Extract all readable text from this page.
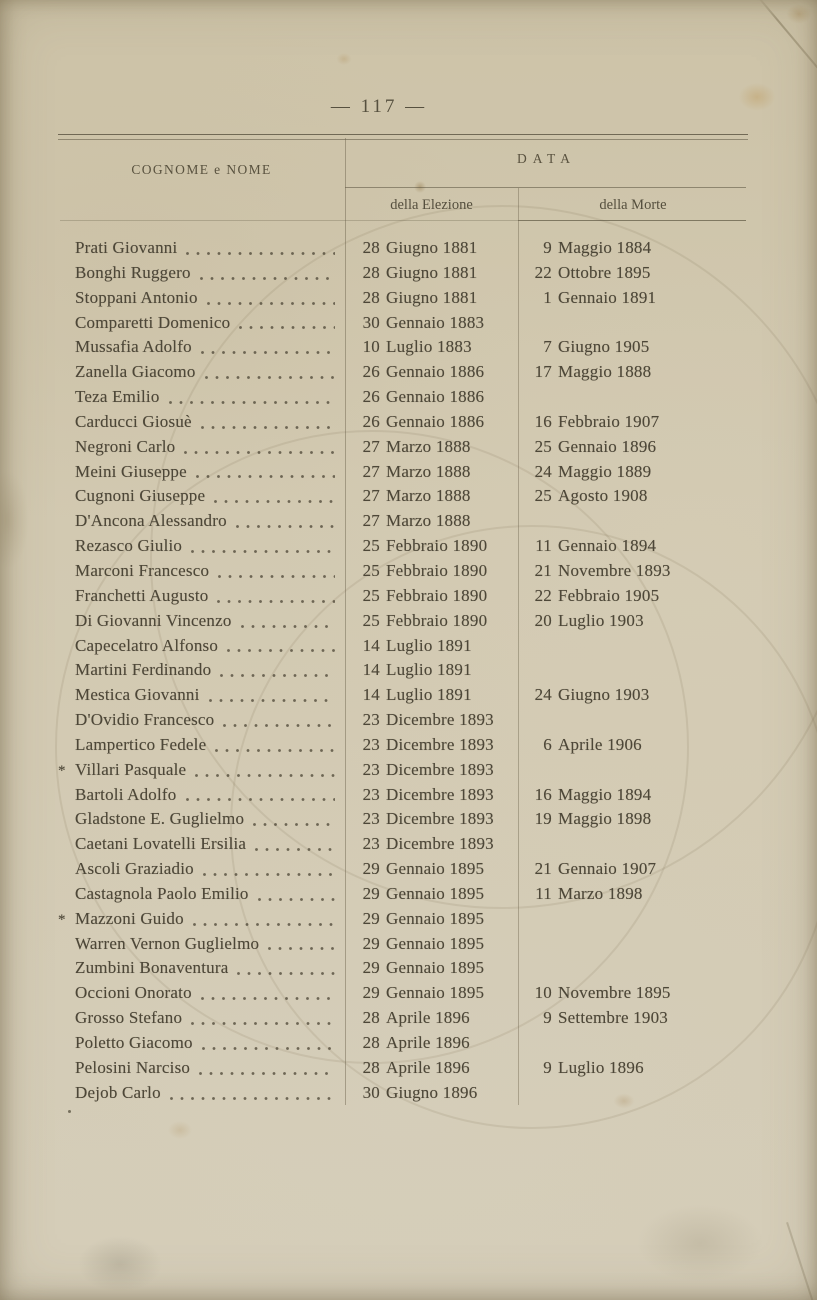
— 117 —
COGNOME e NOME
DATA
della Elezione	della Morte
Prati Giovanni	28 Giugno 1881	9 Maggio 1884
Bonghi Ruggero	28 Giugno 1881	22 Ottobre 1895
Stoppani Antonio	28 Giugno 1881	1 Gennaio 1891
Comparetti Domenico	30 Gennaio 1883
Mussafia Adolfo	10 Luglio 1883	7 Giugno 1905
Zanella Giacomo	26 Gennaio 1886	17 Maggio 1888
Teza Emilio	26 Gennaio 1886
Carducci Giosuè	26 Gennaio 1886	16 Febbraio 1907
Negroni Carlo	27 Marzo 1888	25 Gennaio 1896
Meini Giuseppe	27 Marzo 1888	24 Maggio 1889
Cugnoni Giuseppe	27 Marzo 1888	25 Agosto 1908
D'Ancona Alessandro	27 Marzo 1888
Rezasco Giulio	25 Febbraio 1890	11 Gennaio 1894
Marconi Francesco	25 Febbraio 1890	21 Novembre 1893
Franchetti Augusto	25 Febbraio 1890	22 Febbraio 1905
Di Giovanni Vincenzo	25 Febbraio 1890	20 Luglio 1903
Capecelatro Alfonso	14 Luglio 1891
Martini Ferdinando	14 Luglio 1891
Mestica Giovanni	14 Luglio 1891	24 Giugno 1903
D'Ovidio Francesco	23 Dicembre 1893
Lampertico Fedele	23 Dicembre 1893	6 Aprile 1906
* Villari Pasquale	23 Dicembre 1893
Bartoli Adolfo	23 Dicembre 1893	16 Maggio 1894
Gladstone E. Guglielmo	23 Dicembre 1893	19 Maggio 1898
Caetani Lovatelli Ersilia	23 Dicembre 1893
Ascoli Graziadio	29 Gennaio 1895	21 Gennaio 1907
Castagnola Paolo Emilio	29 Gennaio 1895	11 Marzo 1898
* Mazzoni Guido	29 Gennaio 1895
Warren Vernon Guglielmo	29 Gennaio 1895
Zumbini Bonaventura	29 Gennaio 1895
Occioni Onorato	29 Gennaio 1895	10 Novembre 1895
Grosso Stefano	28 Aprile 1896	9 Settembre 1903
Poletto Giacomo	28 Aprile 1896
Pelosini Narciso	28 Aprile 1896	9 Luglio 1896
Dejob Carlo	30 Giugno 1896
